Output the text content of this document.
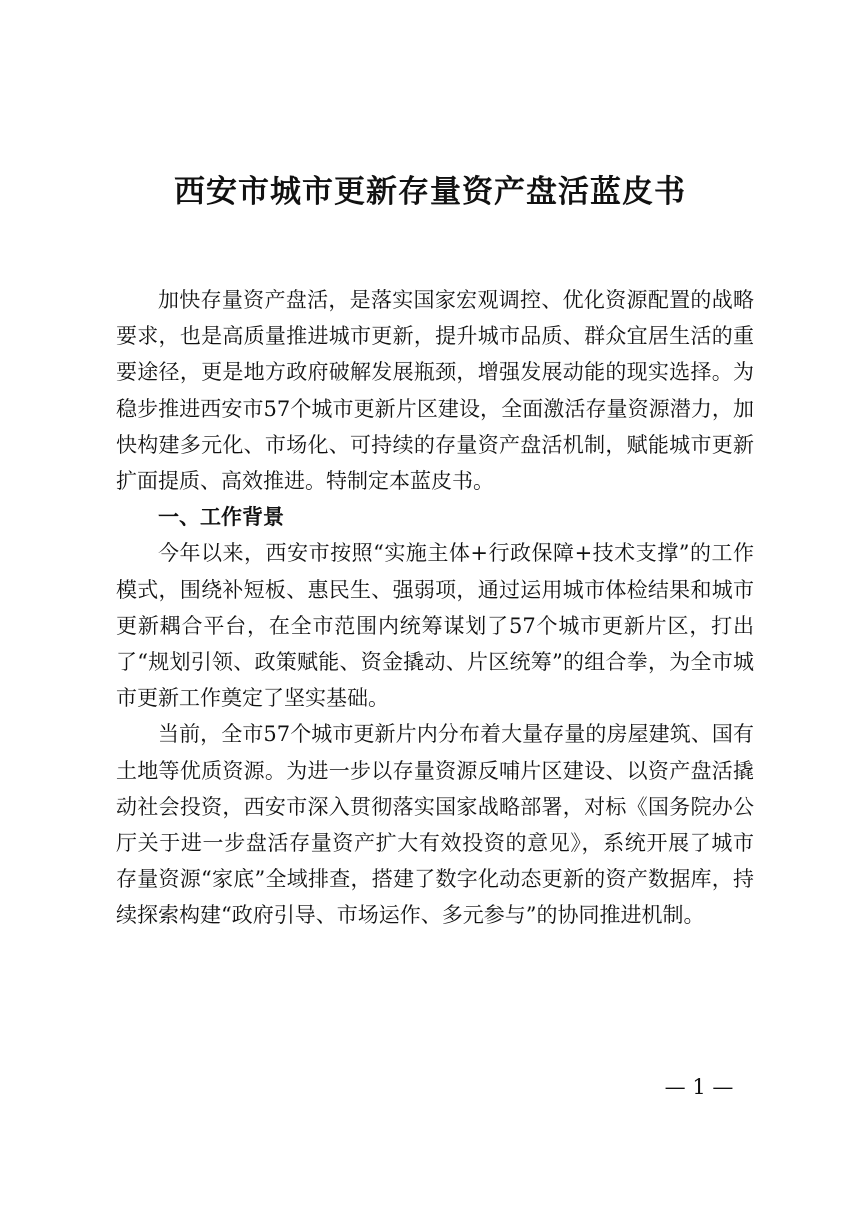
西安市城市更新存量资产盘活蓝皮书

加快存量资产盘活，是落实国家宏观调控、优化资源配置的战略要求，也是高质量推进城市更新，提升城市品质、群众宜居生活的重要途径，更是地方政府破解发展瓶颈，增强发展动能的现实选择。为稳步推进西安市57个城市更新片区建设，全面激活存量资源潜力，加快构建多元化、市场化、可持续的存量资产盘活机制，赋能城市更新扩面提质、高效推进。特制定本蓝皮书。

一、工作背景

今年以来，西安市按照“实施主体+行政保障+技术支撑”的工作模式，围绕补短板、惠民生、强弱项，通过运用城市体检结果和城市更新耦合平台，在全市范围内统筹谋划了57个城市更新片区，打出了“规划引领、政策赋能、资金撬动、片区统筹”的组合拳，为全市城市更新工作奠定了坚实基础。

当前，全市57个城市更新片内分布着大量存量的房屋建筑、国有土地等优质资源。为进一步以存量资源反哺片区建设、以资产盘活撬动社会投资，西安市深入贯彻落实国家战略部署，对标《国务院办公厅关于进一步盘活存量资产扩大有效投资的意见》，系统开展了城市存量资源“家底”全域排查，搭建了数字化动态更新的资产数据库，持续探索构建“政府引导、市场运作、多元参与”的协同推进机制。

— 1 —
